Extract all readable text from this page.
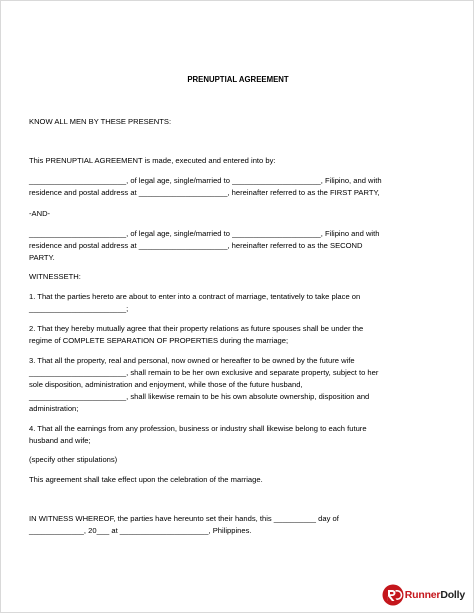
PRENUPTIAL AGREEMENT
KNOW ALL MEN BY THESE PRESENTS:
This PRENUPTIAL AGREEMENT is made, executed and entered into by:
_______________________, of legal age, single/married to _____________________, Filipino, and with
residence and postal address at _____________________, hereinafter referred to as the FIRST PARTY,
-AND-
_______________________, of legal age, single/married to _____________________, Filipino and with
residence and postal address at _____________________, hereinafter referred to as the SECOND
PARTY.
WITNESSETH:
1. That the parties hereto are about to enter into a contract of marriage, tentatively to take place on
_______________________;
2. That they hereby mutually agree that their property relations as future spouses shall be under the
regime of COMPLETE SEPARATION OF PROPERTIES during the marriage;
3. That all the property, real and personal, now owned or hereafter to be owned by the future wife
_______________________, shall remain to be her own exclusive and separate property, subject to her
sole disposition, administration and enjoyment, while those of the future husband,
_______________________, shall likewise remain to be his own absolute ownership, disposition and
administration;
4. That all the earnings from any profession, business or industry shall likewise belong to each future
husband and wife;
(specify other stipulations)
This agreement shall take effect upon the celebration of the marriage.
IN WITNESS WHEREOF, the parties have hereunto set their hands, this __________ day of
_____________, 20___ at _____________________, Philippines.
RunnerDolly
